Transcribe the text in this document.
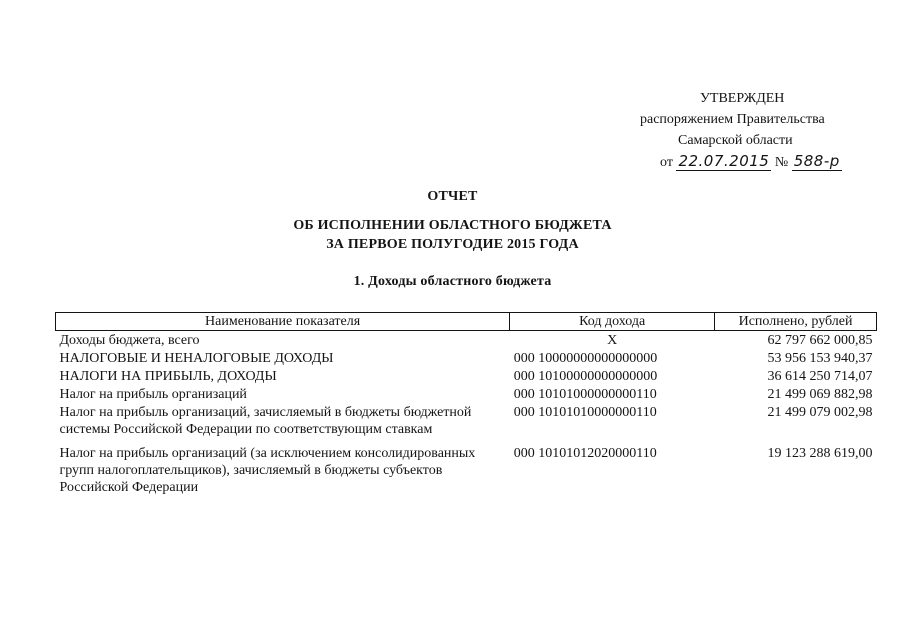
УТВЕРЖДЕН
распоряжением Правительства
Самарской области
от 22.07.2015 № 588-р
ОТЧЕТ
ОБ ИСПОЛНЕНИИ ОБЛАСТНОГО БЮДЖЕТА
ЗА ПЕРВОЕ ПОЛУГОДИЕ 2015 ГОДА
1. Доходы областного бюджета
Наименование показателя	Код дохода	Исполнено, рублей
Доходы бюджета, всего	X	62 797 662 000,85
НАЛОГОВЫЕ И НЕНАЛОГОВЫЕ ДОХОДЫ	000 10000000000000000	53 956 153 940,37
НАЛОГИ НА ПРИБЫЛЬ, ДОХОДЫ	000 10100000000000000	36 614 250 714,07
Налог на прибыль организаций	000 10101000000000110	21 499 069 882,98
Налог на прибыль организаций, зачисляемый в бюджеты бюджетной системы Российской Федерации по соответствующим ставкам	000 10101010000000110	21 499 079 002,98
Налог на прибыль организаций (за исключением консолидированных групп налогоплательщиков), зачисляемый в бюджеты субъектов Российской Федерации	000 10101012020000110	19 123 288 619,00
